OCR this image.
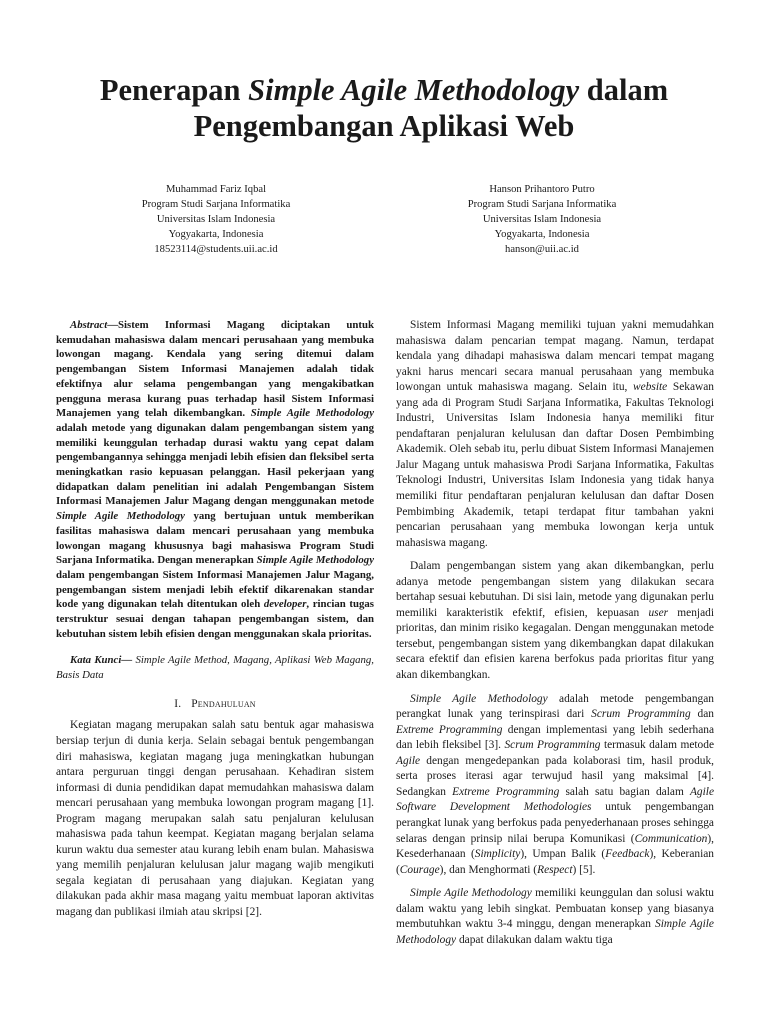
Penerapan Simple Agile Methodology dalam
Pengembangan Aplikasi Web
Muhammad Fariz Iqbal
Program Studi Sarjana Informatika
Universitas Islam Indonesia
Yogyakarta, Indonesia
18523114@students.uii.ac.id
Hanson Prihantoro Putro
Program Studi Sarjana Informatika
Universitas Islam Indonesia
Yogyakarta, Indonesia
hanson@uii.ac.id

Abstract—Sistem Informasi Magang diciptakan untuk kemudahan mahasiswa dalam mencari perusahaan yang membuka lowongan magang. Kendala yang sering ditemui dalam pengembangan Sistem Informasi Manajemen adalah tidak efektifnya alur selama pengembangan yang mengakibatkan pengguna merasa kurang puas terhadap hasil Sistem Informasi Manajemen yang telah dikembangkan. Simple Agile Methodology adalah metode yang digunakan dalam pengembangan sistem yang memiliki keunggulan terhadap durasi waktu yang cepat dalam pengembangannya sehingga menjadi lebih efisien dan fleksibel serta meningkatkan rasio kepuasan pelanggan. Hasil pekerjaan yang didapatkan dalam penelitian ini adalah Pengembangan Sistem Informasi Manajemen Jalur Magang dengan menggunakan metode Simple Agile Methodology yang bertujuan untuk memberikan fasilitas mahasiswa dalam mencari perusahaan yang membuka lowongan magang khususnya bagi mahasiswa Program Studi Sarjana Informatika. Dengan menerapkan Simple Agile Methodology dalam pengembangan Sistem Informasi Manajemen Jalur Magang, pengembangan sistem menjadi lebih efektif dikarenakan standar kode yang digunakan telah ditentukan oleh developer, rincian tugas terstruktur sesuai dengan tahapan pengembangan sistem, dan kebutuhan sistem lebih efisien dengan menggunakan skala prioritas.

Kata Kunci— Simple Agile Method, Magang, Aplikasi Web Magang, Basis Data

I. Pendahuluan

Kegiatan magang merupakan salah satu bentuk agar mahasiswa bersiap terjun di dunia kerja. Selain sebagai bentuk pengembangan diri mahasiswa, kegiatan magang juga meningkatkan hubungan antara perguruan tinggi dengan perusahaan. Kehadiran sistem informasi di dunia pendidikan dapat memudahkan mahasiswa dalam mencari perusahaan yang membuka lowongan program magang [1]. Program magang merupakan salah satu penjaluran kelulusan mahasiswa pada tahun keempat. Kegiatan magang berjalan selama kurun waktu dua semester atau kurang lebih enam bulan. Mahasiswa yang memilih penjaluran kelulusan jalur magang wajib mengikuti segala kegiatan di perusahaan yang diajukan. Kegiatan yang dilakukan pada akhir masa magang yaitu membuat laporan aktivitas magang dan publikasi ilmiah atau skripsi [2].

Sistem Informasi Magang memiliki tujuan yakni memudahkan mahasiswa dalam pencarian tempat magang. Namun, terdapat kendala yang dihadapi mahasiswa dalam mencari tempat magang yakni harus mencari secara manual perusahaan yang membuka lowongan untuk mahasiswa magang. Selain itu, website Sekawan yang ada di Program Studi Sarjana Informatika, Fakultas Teknologi Industri, Universitas Islam Indonesia hanya memiliki fitur pendaftaran penjaluran kelulusan dan daftar Dosen Pembimbing Akademik. Oleh sebab itu, perlu dibuat Sistem Informasi Manajemen Jalur Magang untuk mahasiswa Prodi Sarjana Informatika, Fakultas Teknologi Industri, Universitas Islam Indonesia yang tidak hanya memiliki fitur pendaftaran penjaluran kelulusan dan daftar Dosen Pembimbing Akademik, tetapi terdapat fitur tambahan yakni pencarian perusahaan yang membuka lowongan kerja untuk mahasiswa magang.

Dalam pengembangan sistem yang akan dikembangkan, perlu adanya metode pengembangan sistem yang dilakukan secara bertahap sesuai kebutuhan. Di sisi lain, metode yang digunakan perlu memiliki karakteristik efektif, efisien, kepuasan user menjadi prioritas, dan minim risiko kegagalan. Dengan menggunakan metode tersebut, pengembangan sistem yang dikembangkan dapat dilakukan secara efektif dan efisien karena berfokus pada prioritas fitur yang akan dikembangkan.

Simple Agile Methodology adalah metode pengembangan perangkat lunak yang terinspirasi dari Scrum Programming dan Extreme Programming dengan implementasi yang lebih sederhana dan lebih fleksibel [3]. Scrum Programming termasuk dalam metode Agile dengan mengedepankan pada kolaborasi tim, hasil produk, serta proses iterasi agar terwujud hasil yang maksimal [4]. Sedangkan Extreme Programming salah satu bagian dalam Agile Software Development Methodologies untuk pengembangan perangkat lunak yang berfokus pada penyederhanaan proses sehingga selaras dengan prinsip nilai berupa Komunikasi (Communication), Kesederhanaan (Simplicity), Umpan Balik (Feedback), Keberanian (Courage), dan Menghormati (Respect) [5].

Simple Agile Methodology memiliki keunggulan dan solusi waktu dalam waktu yang lebih singkat. Pembuatan konsep yang biasanya membutuhkan waktu 3-4 minggu, dengan menerapkan Simple Agile Methodology dapat dilakukan dalam waktu tiga
